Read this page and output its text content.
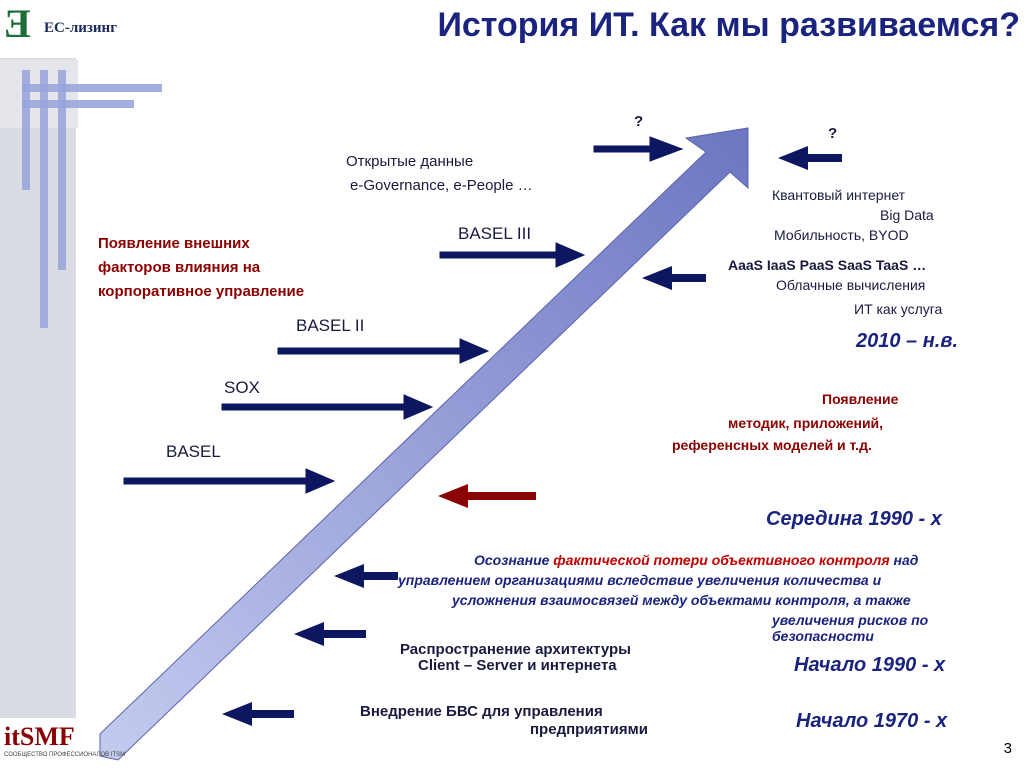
Ǝ ЕС-лизинг	История ИТ. Как мы развиваемся?
?
?
Открытые данные
e-Governance, e-People …
Появление внешних
факторов влияния на
корпоративное управление
BASEL III
BASEL II
SOX
BASEL
Квантовый интернет
Big Data
Мобильность, BYOD
AaaS IaaS PaaS SaaS TaaS …
Облачные вычисления
ИТ как услуга
2010 – н.в.
Появление
методик, приложений,
референсных моделей и т.д.
Середина 1990 - х
Осознание фактической потери объективного контроля над
управлением организациями вследствие увеличения количества и
усложнения взаимосвязей между объектами контроля, а также
увеличения рисков по безопасности
Распространение архитектуры
Client – Server и интернета	Начало 1990 - х
Внедрение БВС для управления
предприятиями	Начало 1970 - х
itSMF
СООБЩЕСТВО ПРОФЕССИОНАЛОВ ITSM	3
